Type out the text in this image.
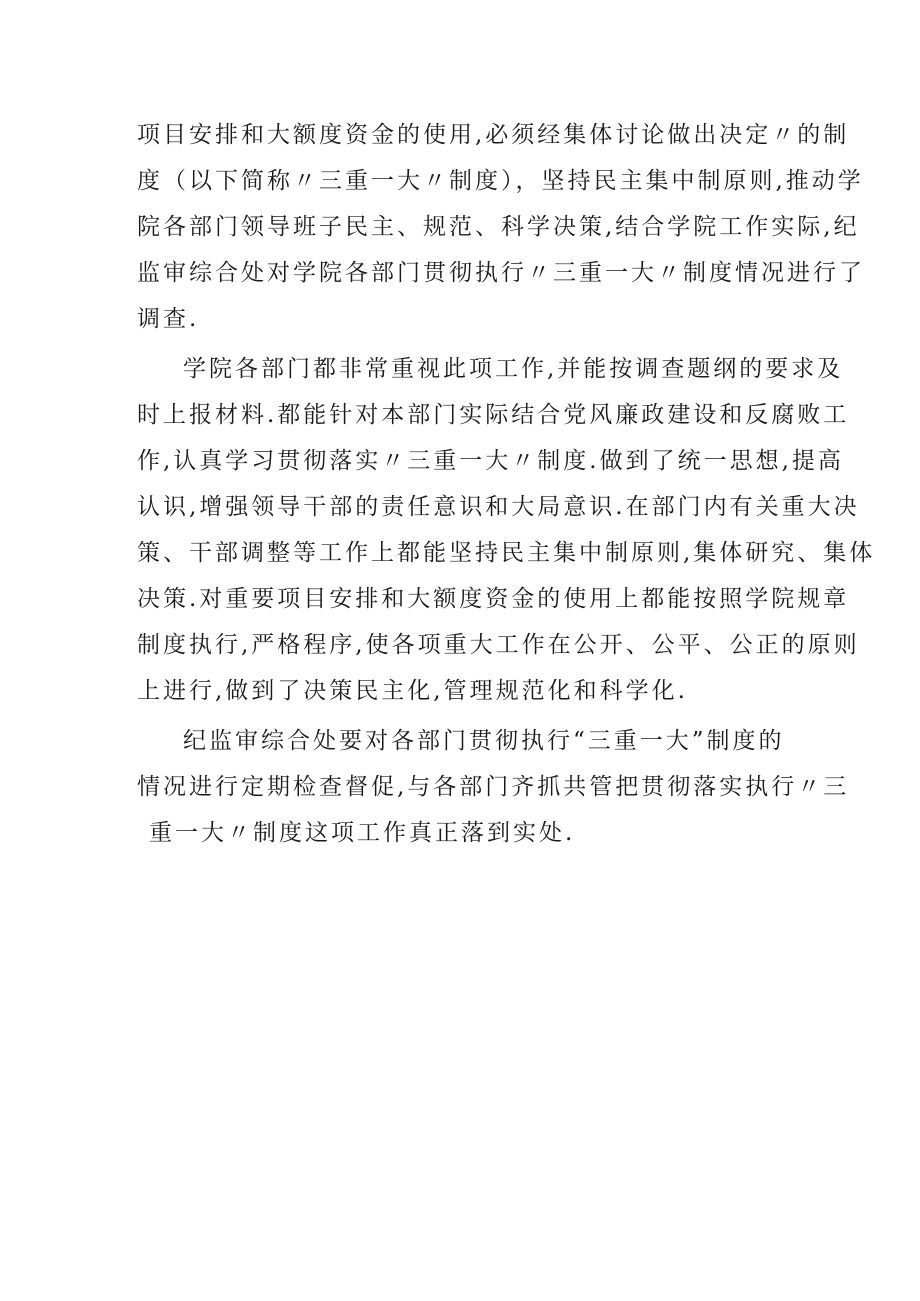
项目安排和大额度资金的使用,必须经集体讨论做出决定〃的制
度（以下简称〃三重一大〃制度），坚持民主集中制原则,推动学
院各部门领导班子民主、规范、科学决策,结合学院工作实际,纪
监审综合处对学院各部门贯彻执行〃三重一大〃制度情况进行了
调查.
学院各部门都非常重视此项工作,并能按调查题纲的要求及
时上报材料.都能针对本部门实际结合党风廉政建设和反腐败工
作,认真学习贯彻落实〃三重一大〃制度.做到了统一思想,提高
认识,增强领导干部的责任意识和大局意识.在部门内有关重大决
策、干部调整等工作上都能坚持民主集中制原则,集体研究、集体
决策.对重要项目安排和大额度资金的使用上都能按照学院规章
制度执行,严格程序,使各项重大工作在公开、公平、公正的原则
上进行,做到了决策民主化,管理规范化和科学化.
纪监审综合处要对各部门贯彻执行“三重一大”制度的
情况进行定期检查督促,与各部门齐抓共管把贯彻落实执行〃三
重一大〃制度这项工作真正落到实处.
